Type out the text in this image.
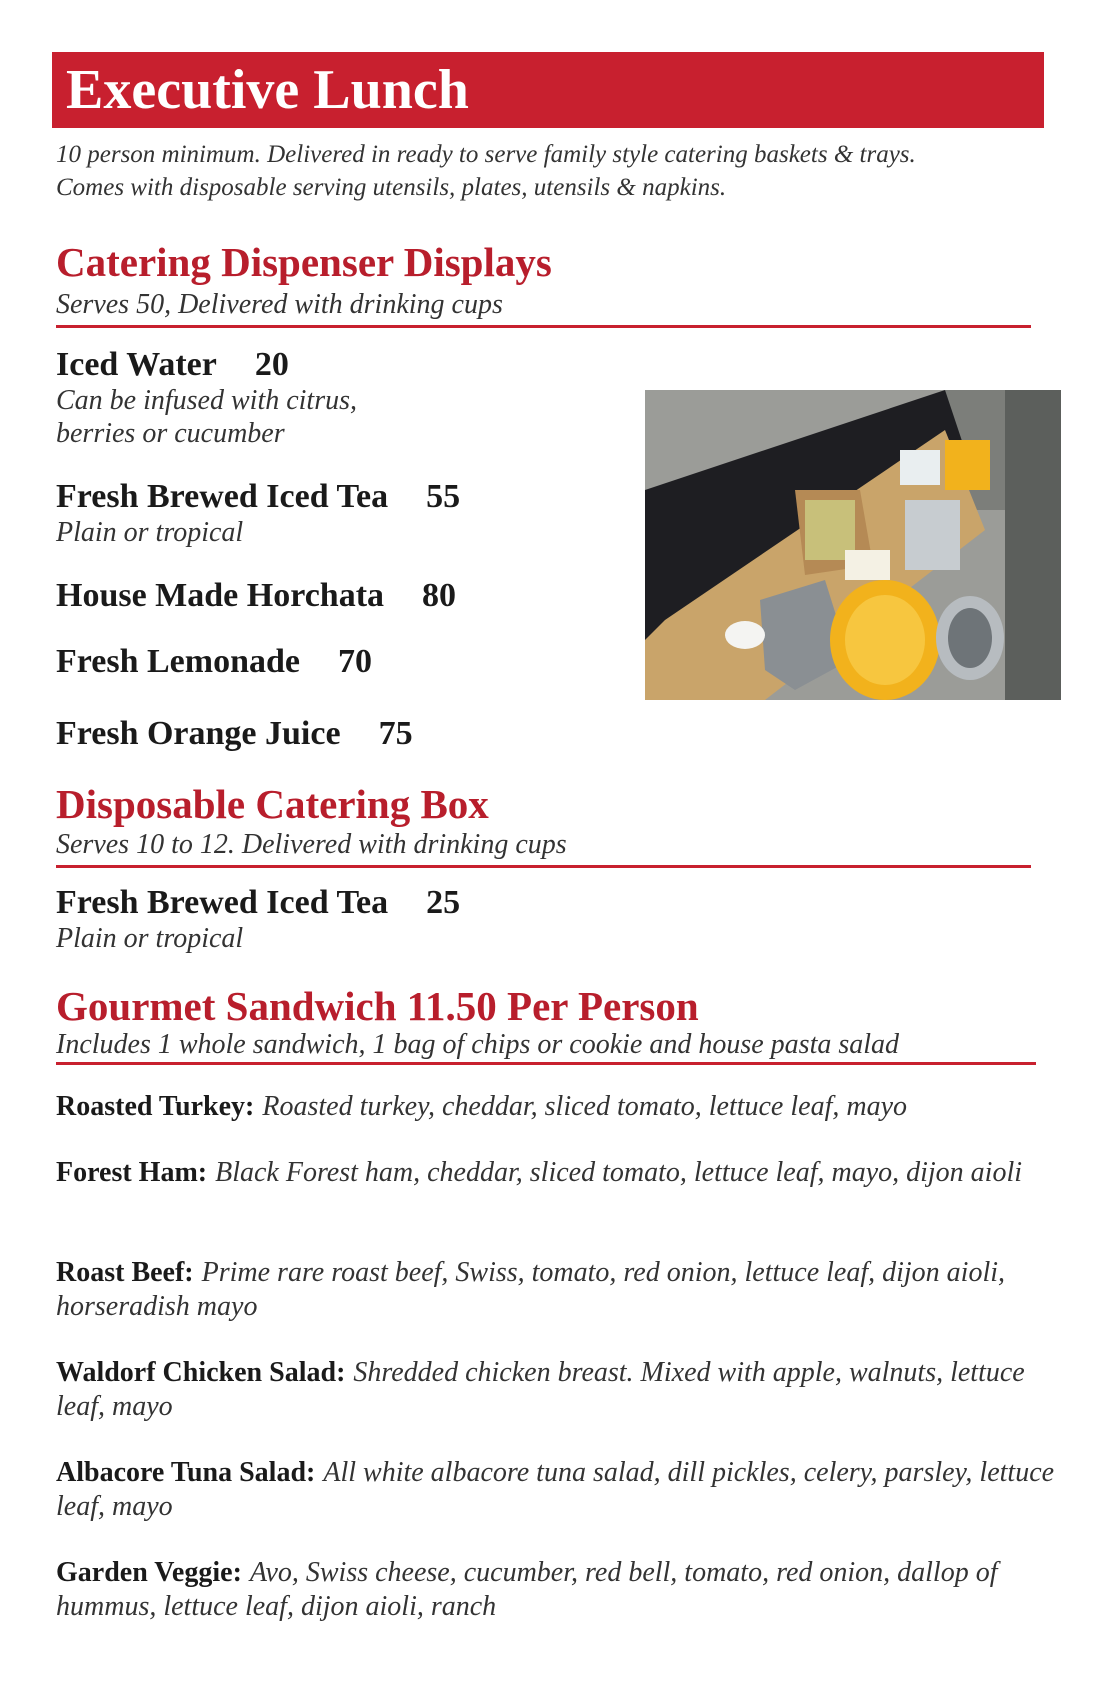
Executive Lunch
10 person minimum. Delivered in ready to serve family style catering baskets & trays.
Comes with disposable serving utensils, plates, utensils & napkins.
Catering Dispenser Displays
Serves 50, Delivered with drinking cups
Iced Water 20
Can be infused with citrus,
berries or cucumber
Fresh Brewed Iced Tea 55
Plain or tropical
House Made Horchata 80
Fresh Lemonade 70
Fresh Orange Juice 75
Disposable Catering Box
Serves 10 to 12. Delivered with drinking cups
Fresh Brewed Iced Tea 25
Plain or tropical
Gourmet Sandwich 11.50 Per Person
Includes 1 whole sandwich, 1 bag of chips or cookie and house pasta salad
Roasted Turkey: Roasted turkey, cheddar, sliced tomato, lettuce leaf, mayo
Forest Ham: Black Forest ham, cheddar, sliced tomato, lettuce leaf, mayo, dijon aioli
Roast Beef: Prime rare roast beef, Swiss, tomato, red onion, lettuce leaf, dijon aioli, horseradish mayo
Waldorf Chicken Salad: Shredded chicken breast. Mixed with apple, walnuts, lettuce leaf, mayo
Albacore Tuna Salad: All white albacore tuna salad, dill pickles, celery, parsley, lettuce leaf, mayo
Garden Veggie: Avo, Swiss cheese, cucumber, red bell, tomato, red onion, dallop of hummus, lettuce leaf, dijon aioli, ranch
